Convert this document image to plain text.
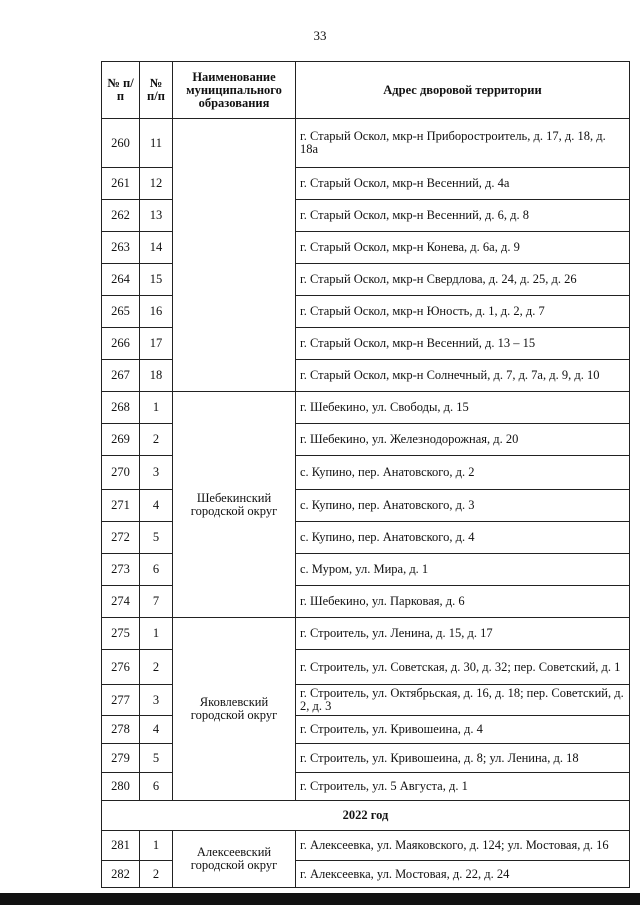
33
№ п/п	№ п/п	Наименование муниципального образования	Адрес дворовой территории
260	11		г. Старый Оскол, мкр-н Приборостроитель, д. 17, д. 18, д. 18а
261	12		г. Старый Оскол, мкр-н Весенний, д. 4а
262	13		г. Старый Оскол, мкр-н Весенний, д. 6, д. 8
263	14		г. Старый Оскол, мкр-н Конева, д. 6а, д. 9
264	15		г. Старый Оскол, мкр-н Свердлова, д. 24, д. 25, д. 26
265	16		г. Старый Оскол, мкр-н Юность, д. 1, д. 2, д. 7
266	17		г. Старый Оскол, мкр-н Весенний, д. 13 – 15
267	18		г. Старый Оскол, мкр-н Солнечный, д. 7, д. 7а, д. 9, д. 10
268	1	Шебекинский городской округ	г. Шебекино, ул. Свободы, д. 15
269	2		г. Шебекино, ул. Железнодорожная, д. 20
270	3		с. Купино, пер. Анатовского, д. 2
271	4		с. Купино, пер. Анатовского, д. 3
272	5		с. Купино, пер. Анатовского, д. 4
273	6		с. Муром, ул. Мира, д. 1
274	7		г. Шебекино, ул. Парковая, д. 6
275	1	Яковлевский городской округ	г. Строитель, ул. Ленина, д. 15, д. 17
276	2		г. Строитель, ул. Советская, д. 30, д. 32; пер. Советский, д. 1
277	3		г. Строитель, ул. Октябрьская, д. 16, д. 18; пер. Советский, д. 2, д. 3
278	4		г. Строитель, ул. Кривошеина, д. 4
279	5		г. Строитель, ул. Кривошеина, д. 8; ул. Ленина, д. 18
280	6		г. Строитель, ул. 5 Августа, д. 1
2022 год			
281	1	Алексеевский городской округ	г. Алексеевка, ул. Маяковского, д. 124; ул. Мостовая, д. 16
282	2		г. Алексеевка, ул. Мостовая, д. 22, д. 24
